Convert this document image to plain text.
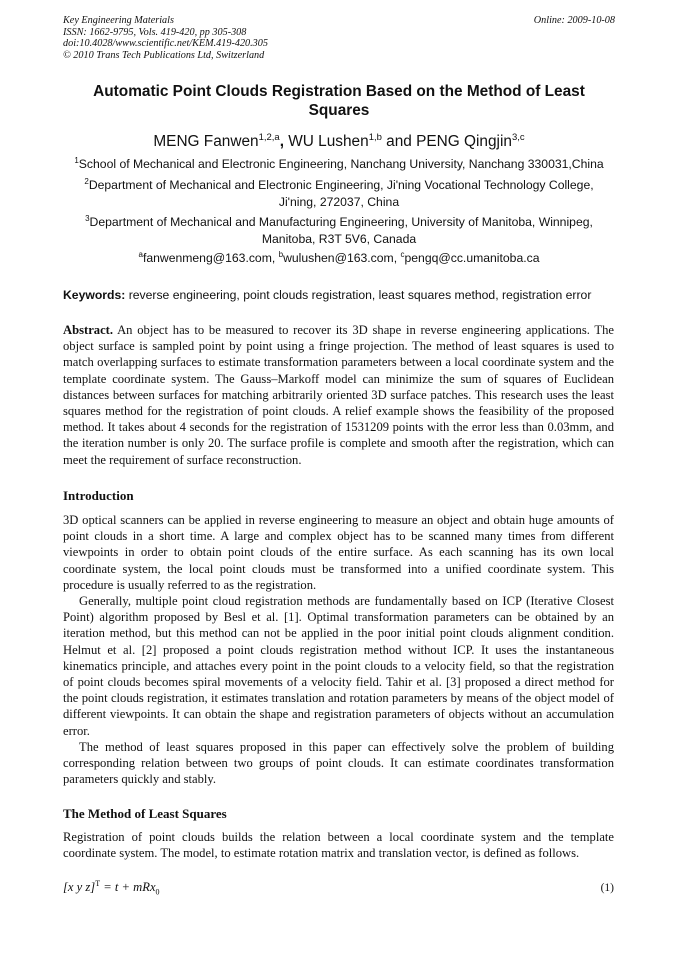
Key Engineering Materials
ISSN: 1662-9795, Vols. 419-420, pp 305-308
doi:10.4028/www.scientific.net/KEM.419-420.305
© 2010 Trans Tech Publications Ltd, Switzerland
Online: 2009-10-08
Automatic Point Clouds Registration Based on the Method of Least Squares
MENG Fanwen$^{1,2,a}$, WU Lushen$^{1,b}$ and PENG Qingjin$^{3,c}$
$^1$School of Mechanical and Electronic Engineering, Nanchang University, Nanchang 330031,China
$^2$Department of Mechanical and Electronic Engineering, Ji'ning Vocational Technology College, Ji'ning, 272037, China
$^3$Department of Mechanical and Manufacturing Engineering, University of Manitoba, Winnipeg, Manitoba, R3T 5V6, Canada
$^a$fanwenmeng@163.com, $^b$wulushen@163.com, $^c$pengq@cc.umanitoba.ca
Keywords: reverse engineering, point clouds registration, least squares method, registration error

Abstract. An object has to be measured to recover its 3D shape in reverse engineering applications. The object surface is sampled point by point using a fringe projection. The method of least squares is used to match overlapping surfaces to estimate transformation parameters between a local coordinate system and the template coordinate system. The Gauss–Markoff model can minimize the sum of squares of Euclidean distances between surfaces for matching arbitrarily oriented 3D surface patches. This research uses the least squares method for the registration of point clouds. A relief example shows the feasibility of the proposed method. It takes about 4 seconds for the registration of 1531209 points with the error less than 0.03mm, and the iteration number is only 20. The surface profile is complete and smooth after the registration, which can meet the requirement of surface reconstruction.

Introduction

3D optical scanners can be applied in reverse engineering to measure an object and obtain huge amounts of point clouds in a short time. A large and complex object has to be scanned many times from different viewpoints in order to obtain point clouds of the entire surface. As each scanning has its own local coordinate system, the local point clouds must be transformed into a unified coordinate system. This procedure is usually referred to as the registration.

Generally, multiple point cloud registration methods are fundamentally based on ICP (Iterative Closest Point) algorithm proposed by Besl et al. [1]. Optimal transformation parameters can be obtained by an iteration method, but this method can not be applied in the poor initial point clouds alignment condition. Helmut et al. [2] proposed a point clouds registration method without ICP. It uses the instantaneous kinematics principle, and attaches every point in the point clouds to a velocity field, so that the registration of point clouds becomes spiral movements of a velocity field. Tahir et al. [3] proposed a direct method for the point clouds registration, it estimates translation and rotation parameters by means of the object model of different viewpoints. It can obtain the shape and registration parameters of objects without an accumulation error.

The method of least squares proposed in this paper can effectively solve the problem of building corresponding relation between two groups of point clouds. It can estimate coordinates transformation parameters quickly and stably.

The Method of Least Squares

Registration of point clouds builds the relation between a local coordinate system and the template coordinate system. The model, to estimate rotation matrix and translation vector, is defined as follows.

[x y z]$^T$ = t + mRx$_0$	(1)
